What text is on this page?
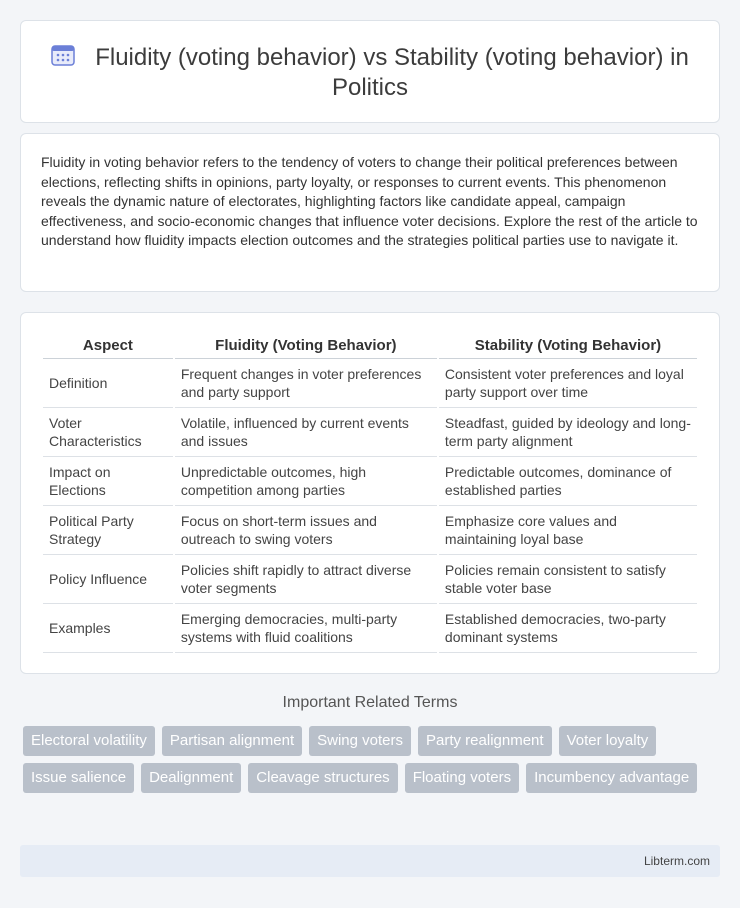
Fluidity (voting behavior) vs Stability (voting behavior) in Politics

Fluidity in voting behavior refers to the tendency of voters to change their political preferences between elections, reflecting shifts in opinions, party loyalty, or responses to current events. This phenomenon reveals the dynamic nature of electorates, highlighting factors like candidate appeal, campaign effectiveness, and socio-economic changes that influence voter decisions. Explore the rest of the article to understand how fluidity impacts election outcomes and the strategies political parties use to navigate it.

Aspect	Fluidity (Voting Behavior)	Stability (Voting Behavior)
Definition	Frequent changes in voter preferences and party support	Consistent voter preferences and loyal party support over time
Voter Characteristics	Volatile, influenced by current events and issues	Steadfast, guided by ideology and long-term party alignment
Impact on Elections	Unpredictable outcomes, high competition among parties	Predictable outcomes, dominance of established parties
Political Party Strategy	Focus on short-term issues and outreach to swing voters	Emphasize core values and maintaining loyal base
Policy Influence	Policies shift rapidly to attract diverse voter segments	Policies remain consistent to satisfy stable voter base
Examples	Emerging democracies, multi-party systems with fluid coalitions	Established democracies, two-party dominant systems
Important Related Terms
Electoral volatility	Partisan alignment	Swing voters	Party realignment	Voter loyalty
Issue salience	Dealignment	Cleavage structures	Floating voters	Incumbency advantage
Libterm.com
